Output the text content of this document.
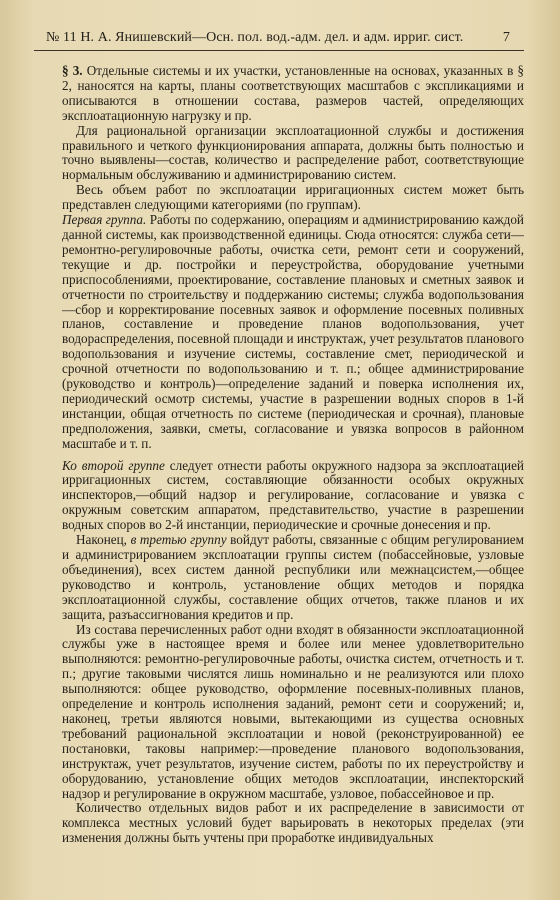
№ 11 Н. А. Янишевский—Осн. пол. вод.-адм. дел. и адм. ирриг. сист.	7

§ 3. Отдельные системы и их участки, установленные на основах, указанных в § 2, наносятся на карты, планы соответствующих масштабов с экспликациями и описываются в отношении состава, размеров частей, определяющих эксплоатационную нагрузку и пр.

Для рациональной организации эксплоатационной службы и достижения правильного и четкого функционирования аппарата, должны быть полностью и точно выявлены—состав, количество и распределение работ, соответствующие нормальным обслуживанию и администрированию систем.

Весь объем работ по эксплоатации ирригационных систем может быть представлен следующими категориями (по группам).

Первая группа. Работы по содержанию, операциям и администрированию каждой данной системы, как производственной единицы. Сюда относятся: служба сети—ремонтно-регулировочные работы, очистка сети, ремонт сети и сооружений, текущие и др. постройки и переустройства, оборудование учетными приспособлениями, проектирование, составление плановых и сметных заявок и отчетности по строительству и поддержанию системы; служба водопользования—сбор и корректирование посевных заявок и оформление посевных поливных планов, составление и проведение планов водопользования, учет водораспределения, посевной площади и инструктаж, учет результатов планового водопользования и изучение системы, составление смет, периодической и срочной отчетности по водопользованию и т. п.; общее администрирование (руководство и контроль)—определение заданий и поверка исполнения их, периодический осмотр системы, участие в разрешении водных споров в 1-й инстанции, общая отчетность по системе (периодическая и срочная), плановые предположения, заявки, сметы, согласование и увязка вопросов в районном масштабе и т. п.

Ко второй группе следует отнести работы окружного надзора за эксплоатацией ирригационных систем, составляющие обязанности особых окружных инспекторов,—общий надзор и регулирование, согласование и увязка с окружным советским аппаратом, представительство, участие в разрешении водных споров во 2-й инстанции, периодические и срочные донесения и пр.

Наконец, в третью группу войдут работы, связанные с общим регулированием и администрированием эксплоатации группы систем (побассейновые, узловые объединения), всех систем данной республики или межнацсистем,—общее руководство и контроль, установление общих методов и порядка эксплоатационной службы, составление общих отчетов, также планов и их защита, разъассигнования кредитов и пр.

Из состава перечисленных работ одни входят в обязанности эксплоатационной службы уже в настоящее время и более или менее удовлетворительно выполняются: ремонтно-регулировочные работы, очистка систем, отчетность и т. п.; другие таковыми числятся лишь номинально и не реализуются или плохо выполняются: общее руководство, оформление посевных-поливных планов, определение и контроль исполнения заданий, ремонт сети и сооружений; и, наконец, третьи являются новыми, вытекающими из существа основных требований рациональной эксплоатации и новой (реконструированной) ее постановки, таковы например:—проведение планового водопользования, инструктаж, учет результатов, изучение систем, работы по их переустройству и оборудованию, установление общих методов эксплоатации, инспекторский надзор и регулирование в окружном масштабе, узловое, побассейновое и пр.

Количество отдельных видов работ и их распределение в зависимости от комплекса местных условий будет варьировать в некоторых пределах (эти изменения должны быть учтены при проработке индивидуальных
